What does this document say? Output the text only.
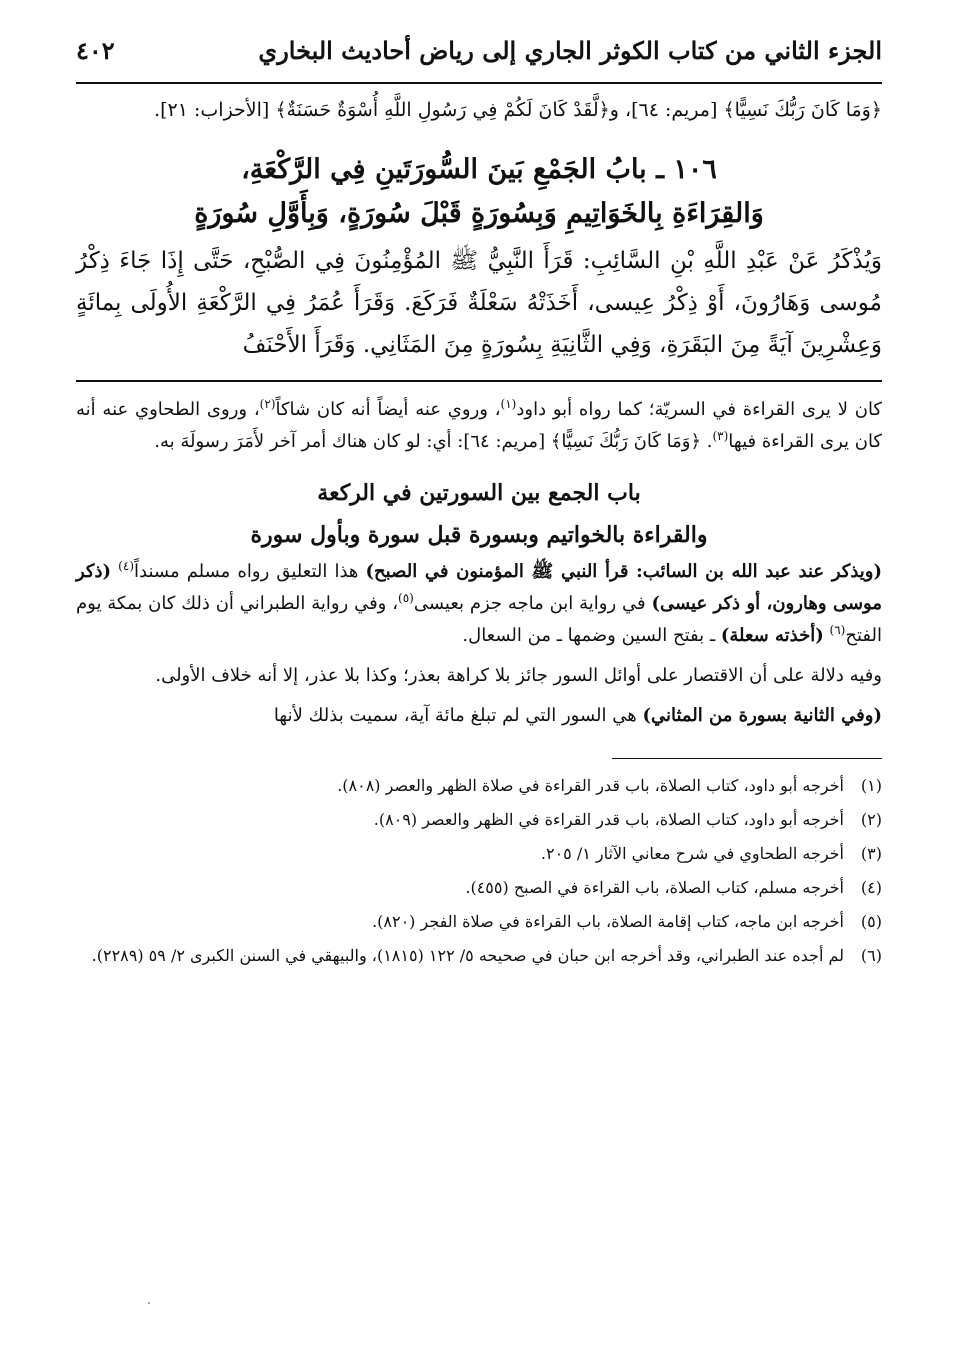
الجزء الثاني من كتاب الكوثر الجاري إلى رياض أحاديث البخاري
٤٠٢
﴿وَمَا كَانَ رَبُّكَ نَسِيًّا﴾ [مريم: ٦٤]، و﴿لَّقَدْ كَانَ لَكُمْ فِي رَسُولِ اللَّهِ أُسْوَةٌ حَسَنَةٌ﴾ [الأحزاب: ٢١].
١٠٦ ـ بابُ الجَمْعِ بَينَ السُّورَتَينِ فِي الرَّكْعَةِ،
وَالقِرَاءَةِ بِالخَوَاتِيمِ وَبِسُورَةٍ قَبْلَ سُورَةٍ، وَبِأَوَّلِ سُورَةٍ
وَيُذْكَرُ عَنْ عَبْدِ اللَّهِ بْنِ السَّائِبِ: قَرَأَ النَّبِيُّ ﷺ المُؤْمِنُونَ فِي الصُّبْحِ، حَتَّى إِذَا جَاءَ ذِكْرُ مُوسى وَهَارُونَ، أَوْ ذِكْرُ عِيسى، أَخَذَتْهُ سَعْلَةٌ فَرَكَعَ. وَقَرَأَ عُمَرُ فِي الرَّكْعَةِ الأُولَى بِمائَةٍ وَعِشْرِينَ آيَةً مِنَ البَقَرَةِ، وَفِي الثَّانِيَةِ بِسُورَةٍ مِنَ المَثَانِي. وَقَرَأَ الأَحْنَفُ

كان لا يرى القراءة في السريّة؛ كما رواه أبو داود$^{(١)}$، وروي عنه أيضاً أنه كان شاكاً$^{(٢)}$، وروى الطحاوي عنه أنه كان يرى القراءة فيها$^{(٣)}$. ﴿وَمَا كَانَ رَبُّكَ نَسِيًّا﴾ [مريم: ٦٤]: أي: لو كان هناك أمر آخر لأَمَرَ رسولَهَ به.

باب الجمع بين السورتين في الركعة
والقراءة بالخواتيم وبسورة قبل سورة وبأول سورة

(ويذكر عند عبد الله بن السائب: قرأ النبي ﷺ المؤمنون في الصبح) هذا التعليق رواه مسلم مسنداً$^{(٤)}$ (ذكر موسى وهارون، أو ذكر عيسى) في رواية ابن ماجه جزم بعيسى$^{(٥)}$، وفي رواية الطبراني أن ذلك كان بمكة يوم الفتح$^{(٦)}$ (أخذته سعلة) ـ بفتح السين وضمها ـ من السعال.

وفيه دلالة على أن الاقتصار على أوائل السور جائز بلا كراهة بعذر؛ وكذا بلا عذر، إلا أنه خلاف الأولى.

(وفي الثانية بسورة من المثاني) هي السور التي لم تبلغ مائة آية، سميت بذلك لأنها

(١)
أخرجه أبو داود، كتاب الصلاة، باب قدر القراءة في صلاة الظهر والعصر (٨٠٨).
(٢)
أخرجه أبو داود، كتاب الصلاة، باب قدر القراءة في الظهر والعصر (٨٠٩).
(٣)
أخرجه الطحاوي في شرح معاني الآثار ١/ ٢٠٥.
(٤)
أخرجه مسلم، كتاب الصلاة، باب القراءة في الصبح (٤٥٥).
(٥)
أخرجه ابن ماجه، كتاب إقامة الصلاة، باب القراءة في صلاة الفجر (٨٢٠).
(٦)
لم أجده عند الطبراني، وقد أخرجه ابن حبان في صحيحه ٥/ ١٢٢ (١٨١٥)، والبيهقي في السنن الكبرى ٢/ ٥٩ (٢٢٨٩).
